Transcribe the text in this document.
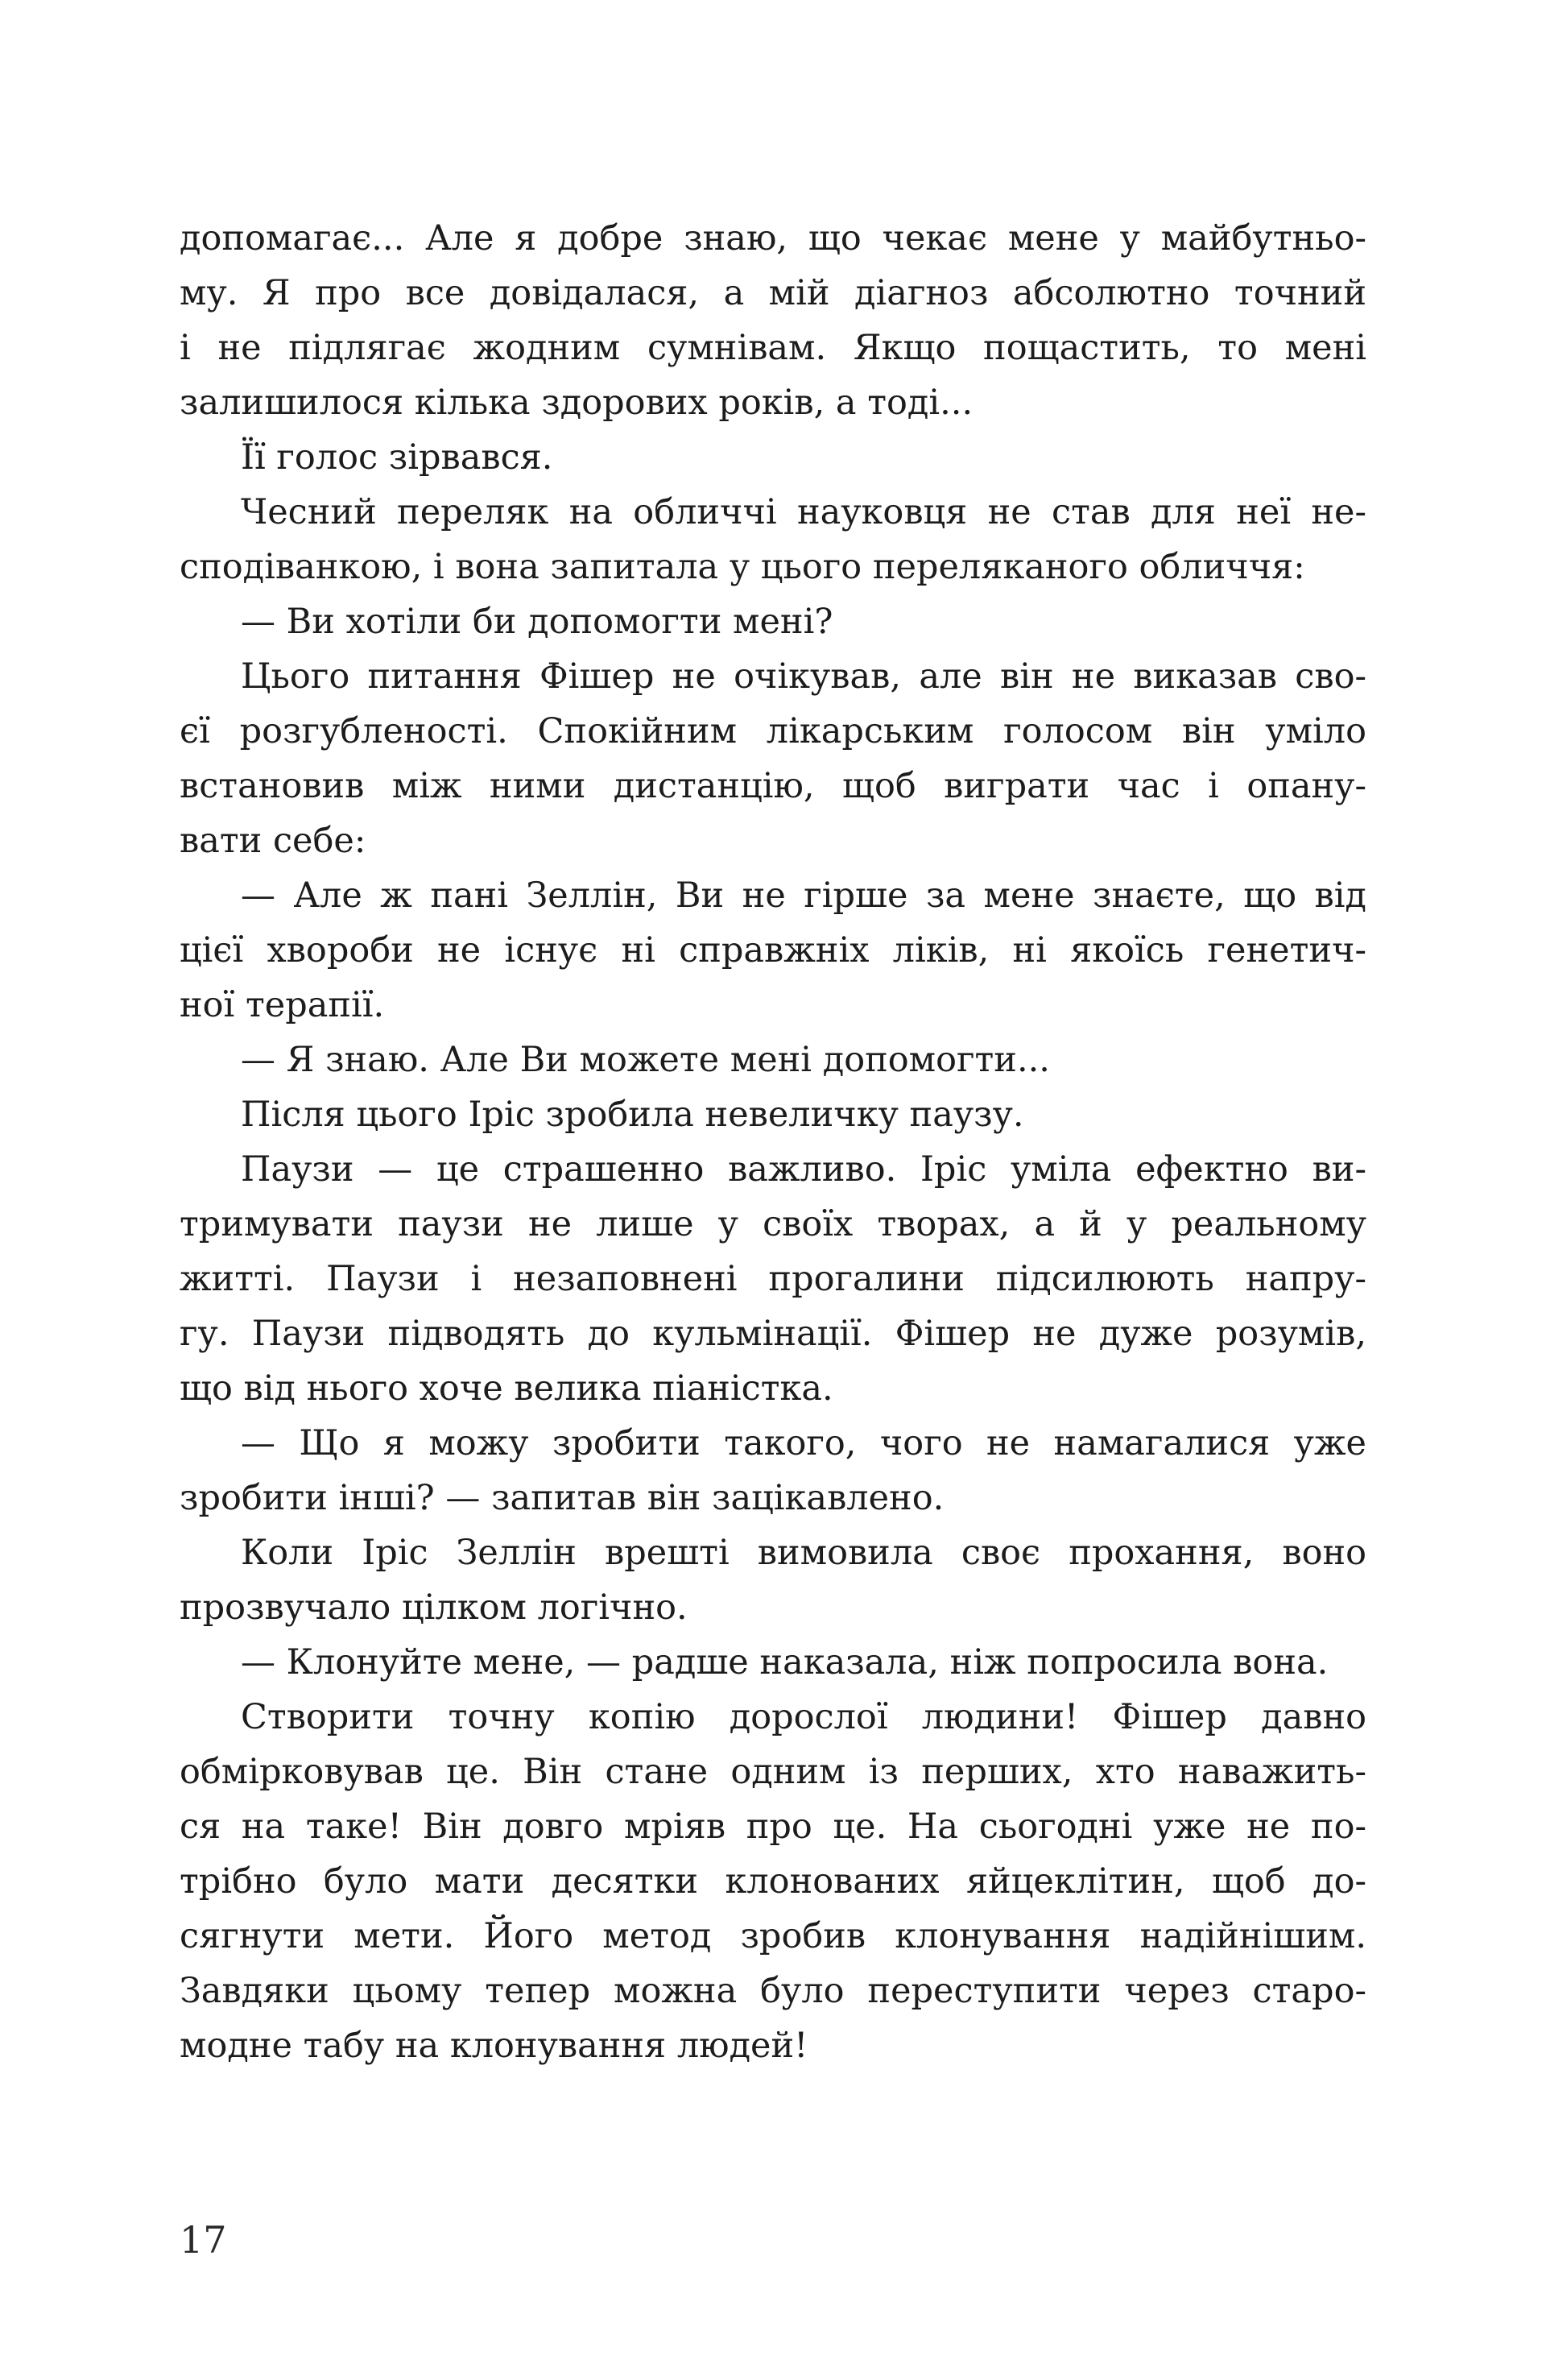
допомагає... Але я добре знаю, що чекає мене у майбутньо-
му. Я про все довідалася, а мій діагноз абсолютно точний
і не підлягає жодним сумнівам. Якщо пощастить, то мені
залишилося кілька здорових років, а тоді...
Її голос зірвався.
Чесний переляк на обличчі науковця не став для неї не-
сподіванкою, і вона запитала у цього переляканого обличчя:
— Ви хотіли би допомогти мені?
Цього питання Фішер не очікував, але він не виказав сво-
єї розгубленості. Спокійним лікарським голосом він уміло
встановив між ними дистанцію, щоб виграти час і опану-
вати себе:
— Але ж пані Зеллін, Ви не гірше за мене знаєте, що від
цієї хвороби не існує ні справжніх ліків, ні якоїсь генетич-
ної терапії.
— Я знаю. Але Ви можете мені допомогти...
Після цього Іріс зробила невеличку паузу.
Паузи — це страшенно важливо. Іріс уміла ефектно ви-
тримувати паузи не лише у своїх творах, а й у реальному
житті. Паузи і незаповнені прогалини підсилюють напру-
гу. Паузи підводять до кульмінації. Фішер не дуже розумів,
що від нього хоче велика піаністка.
— Що я можу зробити такого, чого не намагалися уже
зробити інші? — запитав він зацікавлено.
Коли Іріс Зеллін врешті вимовила своє прохання, воно
прозвучало цілком логічно.
— Клонуйте мене, — радше наказала, ніж попросила вона.
Створити точну копію дорослої людини! Фішер давно
обмірковував це. Він стане одним із перших, хто наважить-
ся на таке! Він довго мріяв про це. На сьогодні уже не по-
трібно було мати десятки клонованих яйцеклітин, щоб до-
сягнути мети. Його метод зробив клонування надійнішим.
Завдяки цьому тепер можна було переступити через старо-
модне табу на клонування людей!
17
